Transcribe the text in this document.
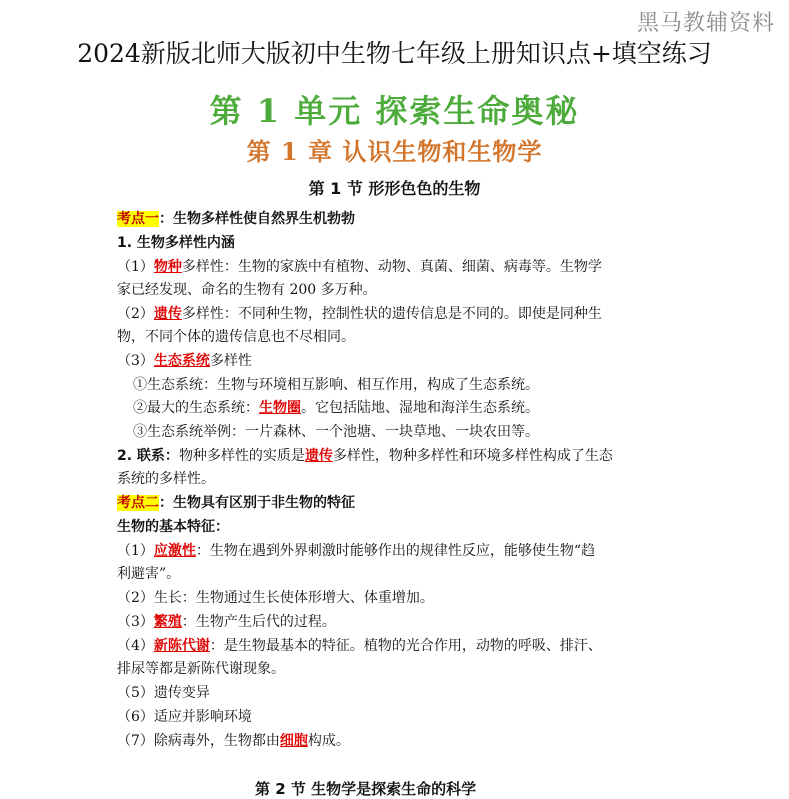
黑马教辅资料
2024新版北师大版初中生物七年级上册知识点+填空练习
第 1 单元 探索生命奥秘
第 1 章 认识生物和生物学
第 1 节 形形色色的生物
考点一：生物多样性使自然界生机勃勃
1. 生物多样性内涵
（1）物种多样性：生物的家族中有植物、动物、真菌、细菌、病毒等。生物学
家已经发现、命名的生物有 200 多万种。
（2）遗传多样性：不同种生物，控制性状的遗传信息是不同的。即使是同种生
物，不同个体的遗传信息也不尽相同。
（3）生态系统多样性
①生态系统：生物与环境相互影响、相互作用，构成了生态系统。
②最大的生态系统：生物圈。它包括陆地、湿地和海洋生态系统。
③生态系统举例：一片森林、一个池塘、一块草地、一块农田等。
2. 联系：物种多样性的实质是遗传多样性，物种多样性和环境多样性构成了生态
系统的多样性。
考点二：生物具有区别于非生物的特征
生物的基本特征：
（1）应激性：生物在遇到外界刺激时能够作出的规律性反应，能够使生物“趋
利避害”。
（2）生长：生物通过生长使体形增大、体重增加。
（3）繁殖：生物产生后代的过程。
（4）新陈代谢：是生物最基本的特征。植物的光合作用，动物的呼吸、排汗、
排尿等都是新陈代谢现象。
（5）遗传变异
（6）适应并影响环境
（7）除病毒外，生物都由细胞构成。
第 2 节 生物学是探索生命的科学
